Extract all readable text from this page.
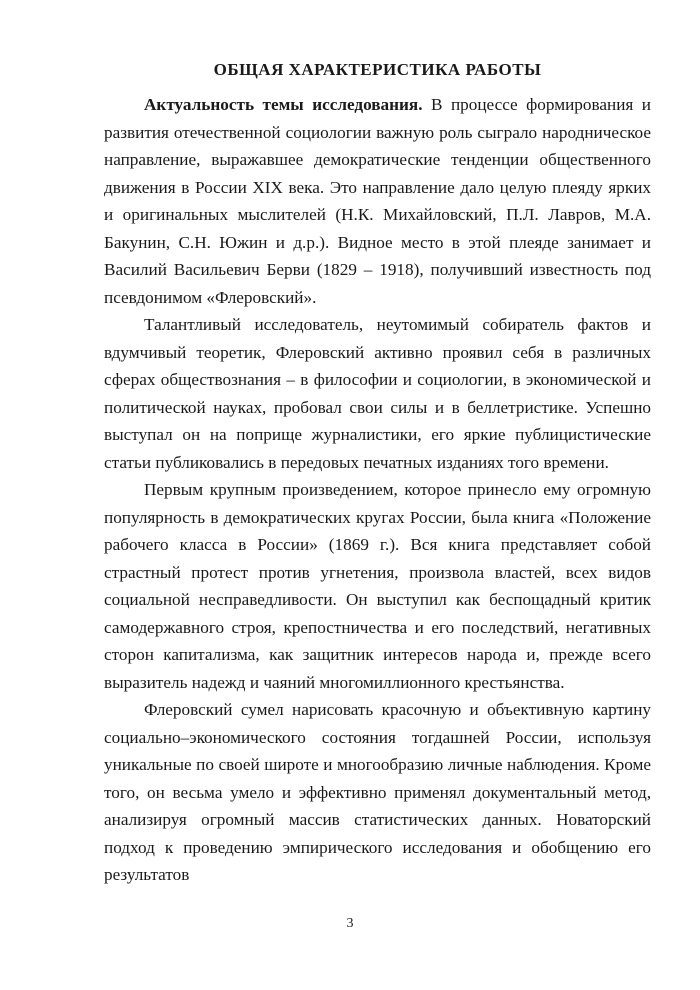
ОБЩАЯ ХАРАКТЕРИСТИКА РАБОТЫ

Актуальность темы исследования. В процессе формирования и развития отечественной социологии важную роль сыграло народническое направление, выражавшее демократические тенденции общественного движения в России XIX века. Это направление дало целую плеяду ярких и оригинальных мыслителей (Н.К. Михайловский, П.Л. Лавров, М.А. Бакунин, С.Н. Южин и д.р.). Видное место в этой плеяде занимает и Василий Васильевич Берви (1829 – 1918), получивший известность под псевдонимом «Флеровский».

Талантливый исследователь, неутомимый собиратель фактов и вдумчивый теоретик, Флеровский активно проявил себя в различных сферах обществознания – в философии и социологии, в экономической и политической науках, пробовал свои силы и в беллетристике. Успешно выступал он на поприще журналистики, его яркие публицистические статьи публиковались в передовых печатных изданиях того времени.

Первым крупным произведением, которое принесло ему огромную популярность в демократических кругах России, была книга «Положение рабочего класса в России» (1869 г.). Вся книга представляет собой страстный протест против угнетения, произвола властей, всех видов социальной несправедливости. Он выступил как беспощадный критик самодержавного строя, крепостничества и его последствий, негативных сторон капитализма, как защитник интересов народа и, прежде всего выразитель надежд и чаяний многомиллионного крестьянства.

Флеровский сумел нарисовать красочную и объективную картину социально–экономического состояния тогдашней России, используя уникальные по своей широте и многообразию личные наблюдения. Кроме того, он весьма умело и эффективно применял документальный метод, анализируя огромный массив статистических данных. Новаторский подход к проведению эмпирического исследования и обобщению его результатов

3
